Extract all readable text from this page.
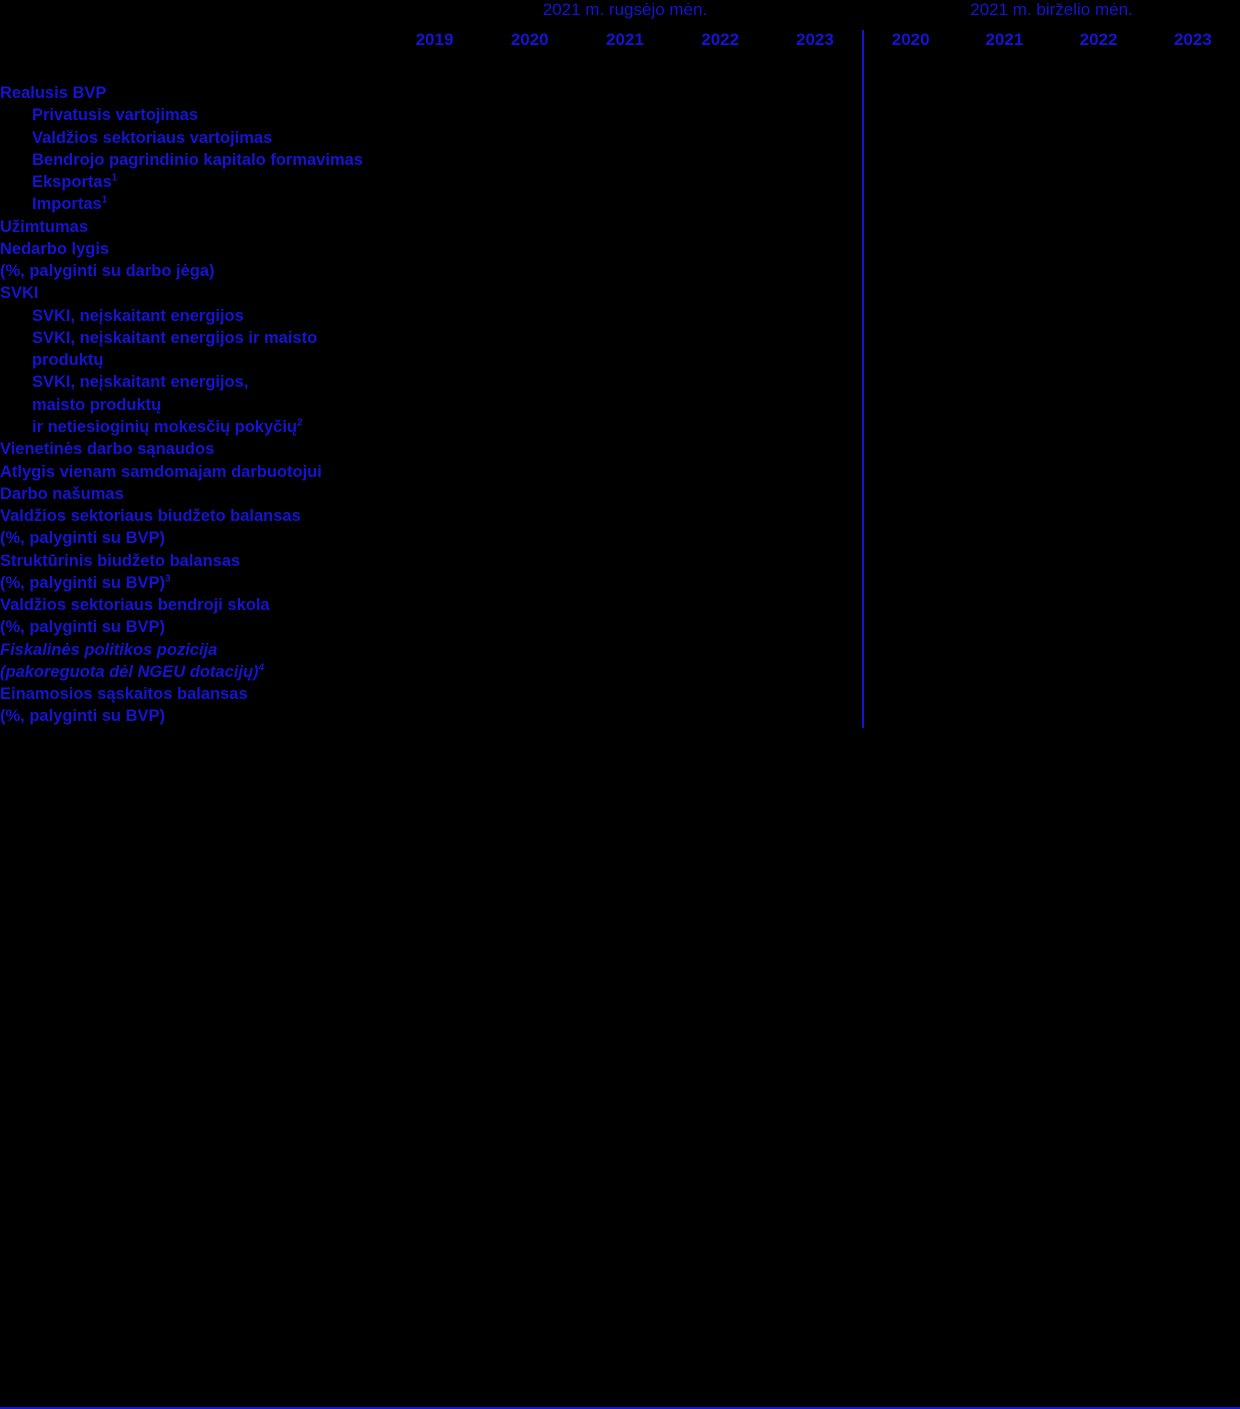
	2021 m. rugsėjo mėn.					2021 m. birželio mėn.			
	2019	2020	2021	2022	2023	2020	2021	2022	2023
Realusis BVP									
Privatusis vartojimas									
Valdžios sektoriaus vartojimas									
Bendrojo pagrindinio kapitalo formavimas									
Eksportas$^1$									
Importas$^1$									
Užimtumas									
Nedarbo lygis
(%, palyginti su darbo jėga)									
SVKI									
SVKI, neįskaitant energijos									
SVKI, neįskaitant energijos ir maisto produktų									
SVKI, neįskaitant energijos,
maisto produktų
ir netiesioginių mokesčių pokyčių$^2$									
Vienetinės darbo sąnaudos									
Atlygis vienam samdomajam darbuotojui									
Darbo našumas									
Valdžios sektoriaus biudžeto balansas
(%, palyginti su BVP)									
Struktūrinis biudžeto balansas
(%, palyginti su BVP)$^3$									
Valdžios sektoriaus bendroji skola
(%, palyginti su BVP)									
Fiskalinės politikos pozicija
(pakoreguota dėl NGEU dotacijų)$^4$									
Einamosios sąskaitos balansas
(%, palyginti su BVP)									
